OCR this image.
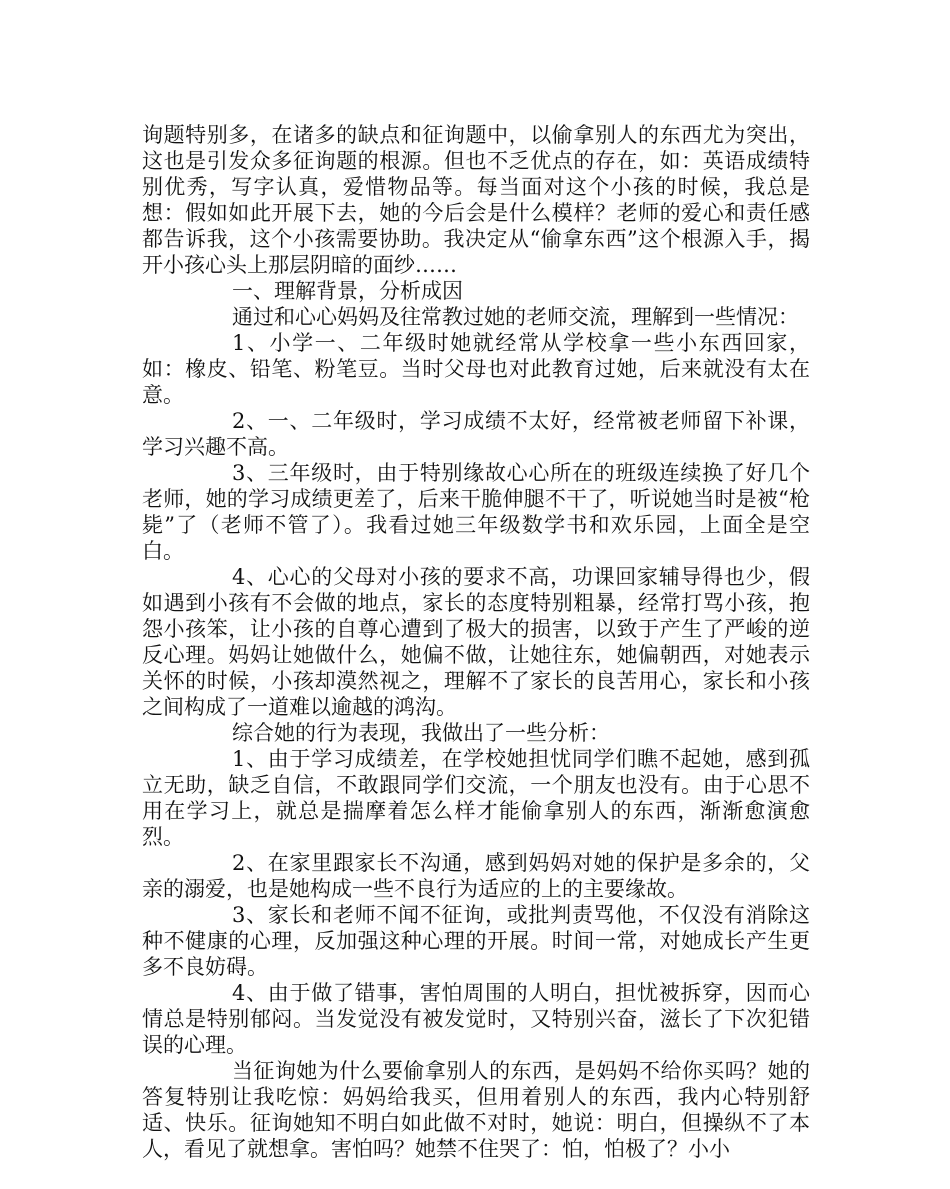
询题特别多，在诸多的缺点和征询题中，以偷拿别人的东西尤为突出，这也是引发众多征询题的根源。但也不乏优点的存在，如：英语成绩特别优秀，写字认真，爱惜物品等。每当面对这个小孩的时候，我总是想：假如如此开展下去，她的今后会是什么模样？老师的爱心和责任感都告诉我，这个小孩需要协助。我决定从“偷拿东西”这个根源入手，揭开小孩心头上那层阴暗的面纱……

一、理解背景，分析成因

通过和心心妈妈及往常教过她的老师交流，理解到一些情况：

1、小学一、二年级时她就经常从学校拿一些小东西回家，如：橡皮、铅笔、粉笔豆。当时父母也对此教育过她，后来就没有太在意。

2、一、二年级时，学习成绩不太好，经常被老师留下补课，学习兴趣不高。

3、三年级时，由于特别缘故心心所在的班级连续换了好几个老师，她的学习成绩更差了，后来干脆伸腿不干了，听说她当时是被“枪毙”了（老师不管了）。我看过她三年级数学书和欢乐园，上面全是空白。

4、心心的父母对小孩的要求不高，功课回家辅导得也少，假如遇到小孩有不会做的地点，家长的态度特别粗暴，经常打骂小孩，抱怨小孩笨，让小孩的自尊心遭到了极大的损害，以致于产生了严峻的逆反心理。妈妈让她做什么，她偏不做，让她往东，她偏朝西，对她表示关怀的时候，小孩却漠然视之，理解不了家长的良苦用心，家长和小孩之间构成了一道难以逾越的鸿沟。

综合她的行为表现，我做出了一些分析：

1、由于学习成绩差，在学校她担忧同学们瞧不起她，感到孤立无助，缺乏自信，不敢跟同学们交流，一个朋友也没有。由于心思不用在学习上，就总是揣摩着怎么样才能偷拿别人的东西，渐渐愈演愈烈。

2、在家里跟家长不沟通，感到妈妈对她的保护是多余的，父亲的溺爱，也是她构成一些不良行为适应的上的主要缘故。

3、家长和老师不闻不征询，或批判责骂他，不仅没有消除这种不健康的心理，反加强这种心理的开展。时间一常，对她成长产生更多不良妨碍。

4、由于做了错事，害怕周围的人明白，担忧被拆穿，因而心情总是特别郁闷。当发觉没有被发觉时，又特别兴奋，滋长了下次犯错误的心理。

当征询她为什么要偷拿别人的东西，是妈妈不给你买吗？她的答复特别让我吃惊：妈妈给我买，但用着别人的东西，我内心特别舒适、快乐。征询她知不明白如此做不对时，她说：明白，但操纵不了本人，看见了就想拿。害怕吗？她禁不住哭了：怕，怕极了？小小
